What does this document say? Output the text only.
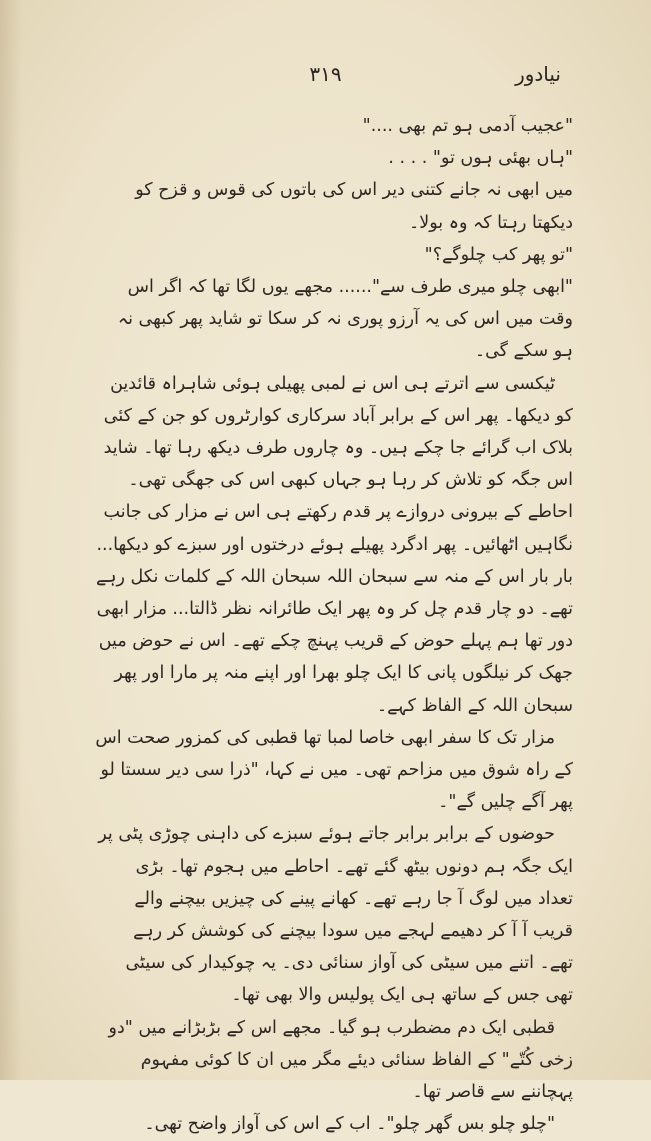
نیادور
۳۱۹

"عجیب آدمی ہو تم بھی ...."

"ہاں بھئی ہوں تو" . . . .

میں ابھی نہ جانے کتنی دیر اس کی باتوں کی قوس و قزح کو دیکھتا رہتا کہ وہ بولا۔

"تو پھر کب چلوگے؟"

"ابھی چلو میری طرف سے"...... مجھے یوں لگا تھا کہ اگر اس وقت میں اس کی یہ آرزو پوری نہ کر سکا تو شاید پھر کبھی نہ ہو سکے گی۔

ٹیکسی سے اترتے ہی اس نے لمبی پھیلی ہوئی شاہراہ قائدین کو دیکھا۔ پھر اس کے برابر آباد سرکاری کوارٹروں کو جن کے کئی بلاک اب گرائے جا چکے ہیں۔ وہ چاروں طرف دیکھ رہا تھا۔ شاید اس جگہ کو تلاش کر رہا ہو جہاں کبھی اس کی جھگی تھی۔

احاطے کے بیرونی دروازے پر قدم رکھتے ہی اس نے مزار کی جانب نگاہیں اٹھائیں۔ پھر ادگرد پھیلے ہوئے درختوں اور سبزے کو دیکھا... بار بار اس کے منہ سے سبحان اللہ سبحان اللہ کے کلمات نکل رہے تھے۔ دو چار قدم چل کر وہ پھر ایک طائرانہ نظر ڈالتا... مزار ابھی دور تھا ہم پہلے حوض کے قریب پہنچ چکے تھے۔ اس نے حوض میں جھک کر نیلگوں پانی کا ایک چلو بھرا اور اپنے منہ پر مارا اور پھر سبحان اللہ کے الفاظ کہے۔

مزار تک کا سفر ابھی خاصا لمبا تھا قطبی کی کمزور صحت اس کے راہ شوق میں مزاحم تھی۔ میں نے کہا، "ذرا سی دیر سستا لو پھر آگے چلیں گے"۔

حوضوں کے برابر برابر جاتے ہوئے سبزے کی داہنی چوڑی پٹی پر ایک جگہ ہم دونوں بیٹھ گئے تھے۔ احاطے میں ہجوم تھا۔ بڑی تعداد میں لوگ آ جا رہے تھے۔ کھانے پینے کی چیزیں بیچنے والے قریب آ آ کر دھیمے لہجے میں سودا بیچنے کی کوشش کر رہے تھے۔ اتنے میں سیٹی کی آواز سنائی دی۔ یہ چوکیدار کی سیٹی تھی جس کے ساتھ ہی ایک پولیس والا بھی تھا۔

قطبی ایک دم مضطرب ہو گیا۔ مجھے اس کے بڑبڑانے میں "دو زخی کُتّے" کے الفاظ سنائی دیئے مگر میں ان کا کوئی مفہوم پہچاننے سے قاصر تھا۔

"چلو چلو بس گھر چلو"۔ اب کے اس کی آواز واضح تھی۔
